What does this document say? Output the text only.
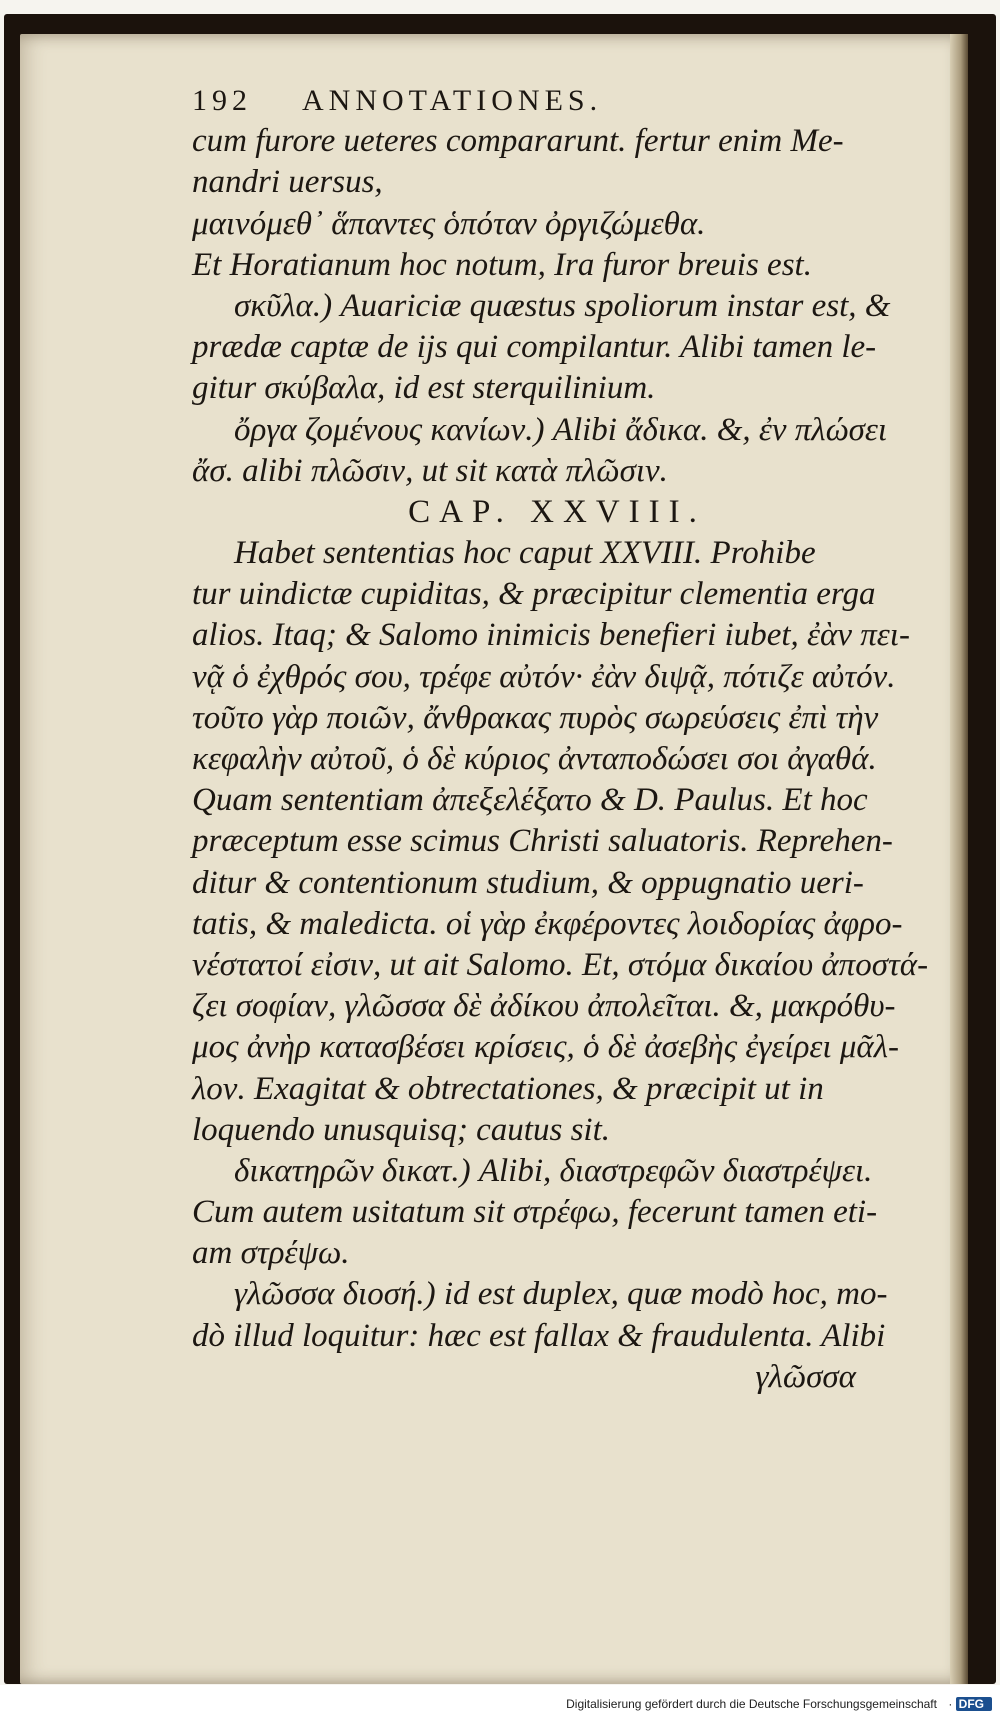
192 ANNOTATIONES.
cum furore ueteres compararunt. fertur enim Me-
nandri uersus,
μαινόμεθ᾽ ἅπαντες ὁπόταν ὀργιζώμεθα.
Et Horatianum hoc notum, Ira furor breuis est.
σκῦλα.) Auariciæ quæstus spoliorum instar est, &
prædæ captæ de ijs qui compilantur. Alibi tamen le-
gitur σκύβαλα, id est sterquilinium.
ὄργα ζομένους κανίων.) Alibi ἄδικα. &, ἐν πλώσει
ἄσ. alibi πλῶσιν, ut sit κατὰ πλῶσιν.
CAP. XXVIII.
Habet sententias hoc caput XXVIII. Prohibe
tur uindictæ cupiditas, & præcipitur clementia erga
alios. Itaq; & Salomo inimicis benefieri iubet, ἐὰν πει-
νᾷ ὁ ἐχθρός σου, τρέφε αὐτόν· ἐὰν διψᾷ, πότιζε αὐτόν.
τοῦτο γὰρ ποιῶν, ἄνθρακας πυρὸς σωρεύσεις ἐπὶ τὴν
κεφαλὴν αὐτοῦ, ὁ δὲ κύριος ἀνταποδώσει σοι ἀγαθά.
Quam sententiam ἀπεξελέξατο & D. Paulus. Et hoc
præceptum esse scimus Christi saluatoris. Reprehen-
ditur & contentionum studium, & oppugnatio ueri-
tatis, & maledicta. οἱ γὰρ ἐκφέροντες λοιδορίας ἀφρο-
νέστατοί εἰσιν, ut ait Salomo. Et, στόμα δικαίου ἀποστά-
ζει σοφίαν, γλῶσσα δὲ ἀδίκου ἀπολεῖται. &, μακρόθυ-
μος ἀνὴρ κατασβέσει κρίσεις, ὁ δὲ ἀσεβὴς ἐγείρει μᾶλ-
λον. Exagitat & obtrectationes, & præcipit ut in
loquendo unusquisq; cautus sit.
δικατηρῶν δικατ.) Alibi, διαστρεφῶν διαστρέψει.
Cum autem usitatum sit στρέφω, fecerunt tamen eti-
am στρέψω.
γλῶσσα διοσή.) id est duplex, quæ modò hoc, mo-
dò illud loquitur: hæc est fallax & fraudulenta. Alibi
γλῶσσα
Digitalisierung gefördert durch die Deutsche Forschungsgemeinschaft · DFG
